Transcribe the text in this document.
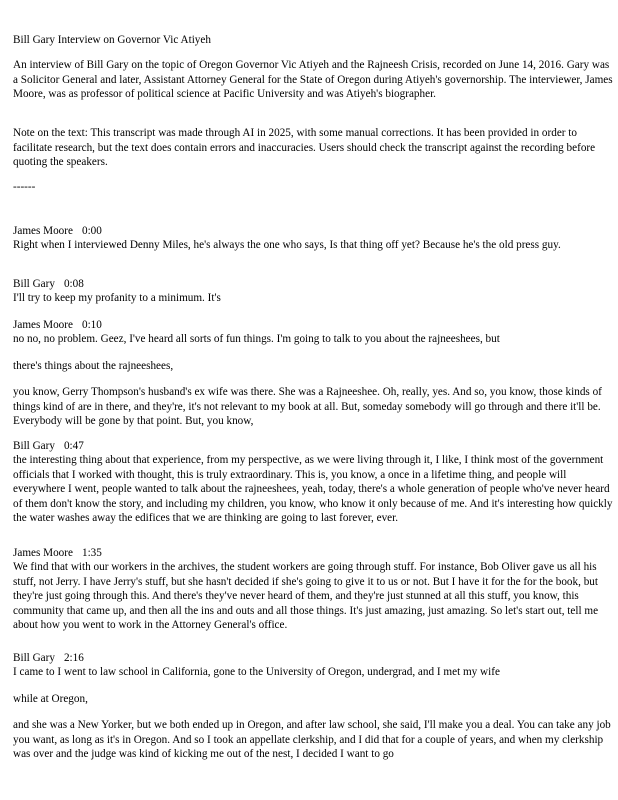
Bill Gary Interview on Governor Vic Atiyeh

An interview of Bill Gary on the topic of Oregon Governor Vic Atiyeh and the Rajneesh Crisis, recorded on June 14, 2016. Gary was a Solicitor General and later, Assistant Attorney General for the State of Oregon during Atiyeh's governorship. The interviewer, James Moore, was as professor of political science at Pacific University and was Atiyeh's biographer.

Note on the text: This transcript was made through AI in 2025, with some manual corrections. It has been provided in order to facilitate research, but the text does contain errors and inaccuracies. Users should check the transcript against the recording before quoting the speakers.

------

James Moore 0:00

Right when I interviewed Denny Miles, he's always the one who says, Is that thing off yet? Because he's the old press guy.

Bill Gary 0:08

I'll try to keep my profanity to a minimum. It's

James Moore 0:10

no no, no problem. Geez, I've heard all sorts of fun things. I'm going to talk to you about the rajneeshees, but

there's things about the rajneeshees,

you know, Gerry Thompson's husband's ex wife was there. She was a Rajneeshee. Oh, really, yes. And so, you know, those kinds of things kind of are in there, and they're, it's not relevant to my book at all. But, someday somebody will go through and there it'll be. Everybody will be gone by that point. But, you know,

Bill Gary 0:47

the interesting thing about that experience, from my perspective, as we were living through it, I like, I think most of the government officials that I worked with thought, this is truly extraordinary. This is, you know, a once in a lifetime thing, and people will everywhere I went, people wanted to talk about the rajneeshees, yeah, today, there's a whole generation of people who've never heard of them don't know the story, and including my children, you know, who know it only because of me. And it's interesting how quickly the water washes away the edifices that we are thinking are going to last forever, ever.

James Moore 1:35

We find that with our workers in the archives, the student workers are going through stuff. For instance, Bob Oliver gave us all his stuff, not Jerry. I have Jerry's stuff, but she hasn't decided if she's going to give it to us or not. But I have it for the for the book, but they're just going through this. And there's they've never heard of them, and they're just stunned at all this stuff, you know, this community that came up, and then all the ins and outs and all those things. It's just amazing, just amazing. So let's start out, tell me about how you went to work in the Attorney General's office.

Bill Gary 2:16

I came to I went to law school in California, gone to the University of Oregon, undergrad, and I met my wife

while at Oregon,

and she was a New Yorker, but we both ended up in Oregon, and after law school, she said, I'll make you a deal. You can take any job you want, as long as it's in Oregon. And so I took an appellate clerkship, and I did that for a couple of years, and when my clerkship was over and the judge was kind of kicking me out of the nest, I decided I want to go
